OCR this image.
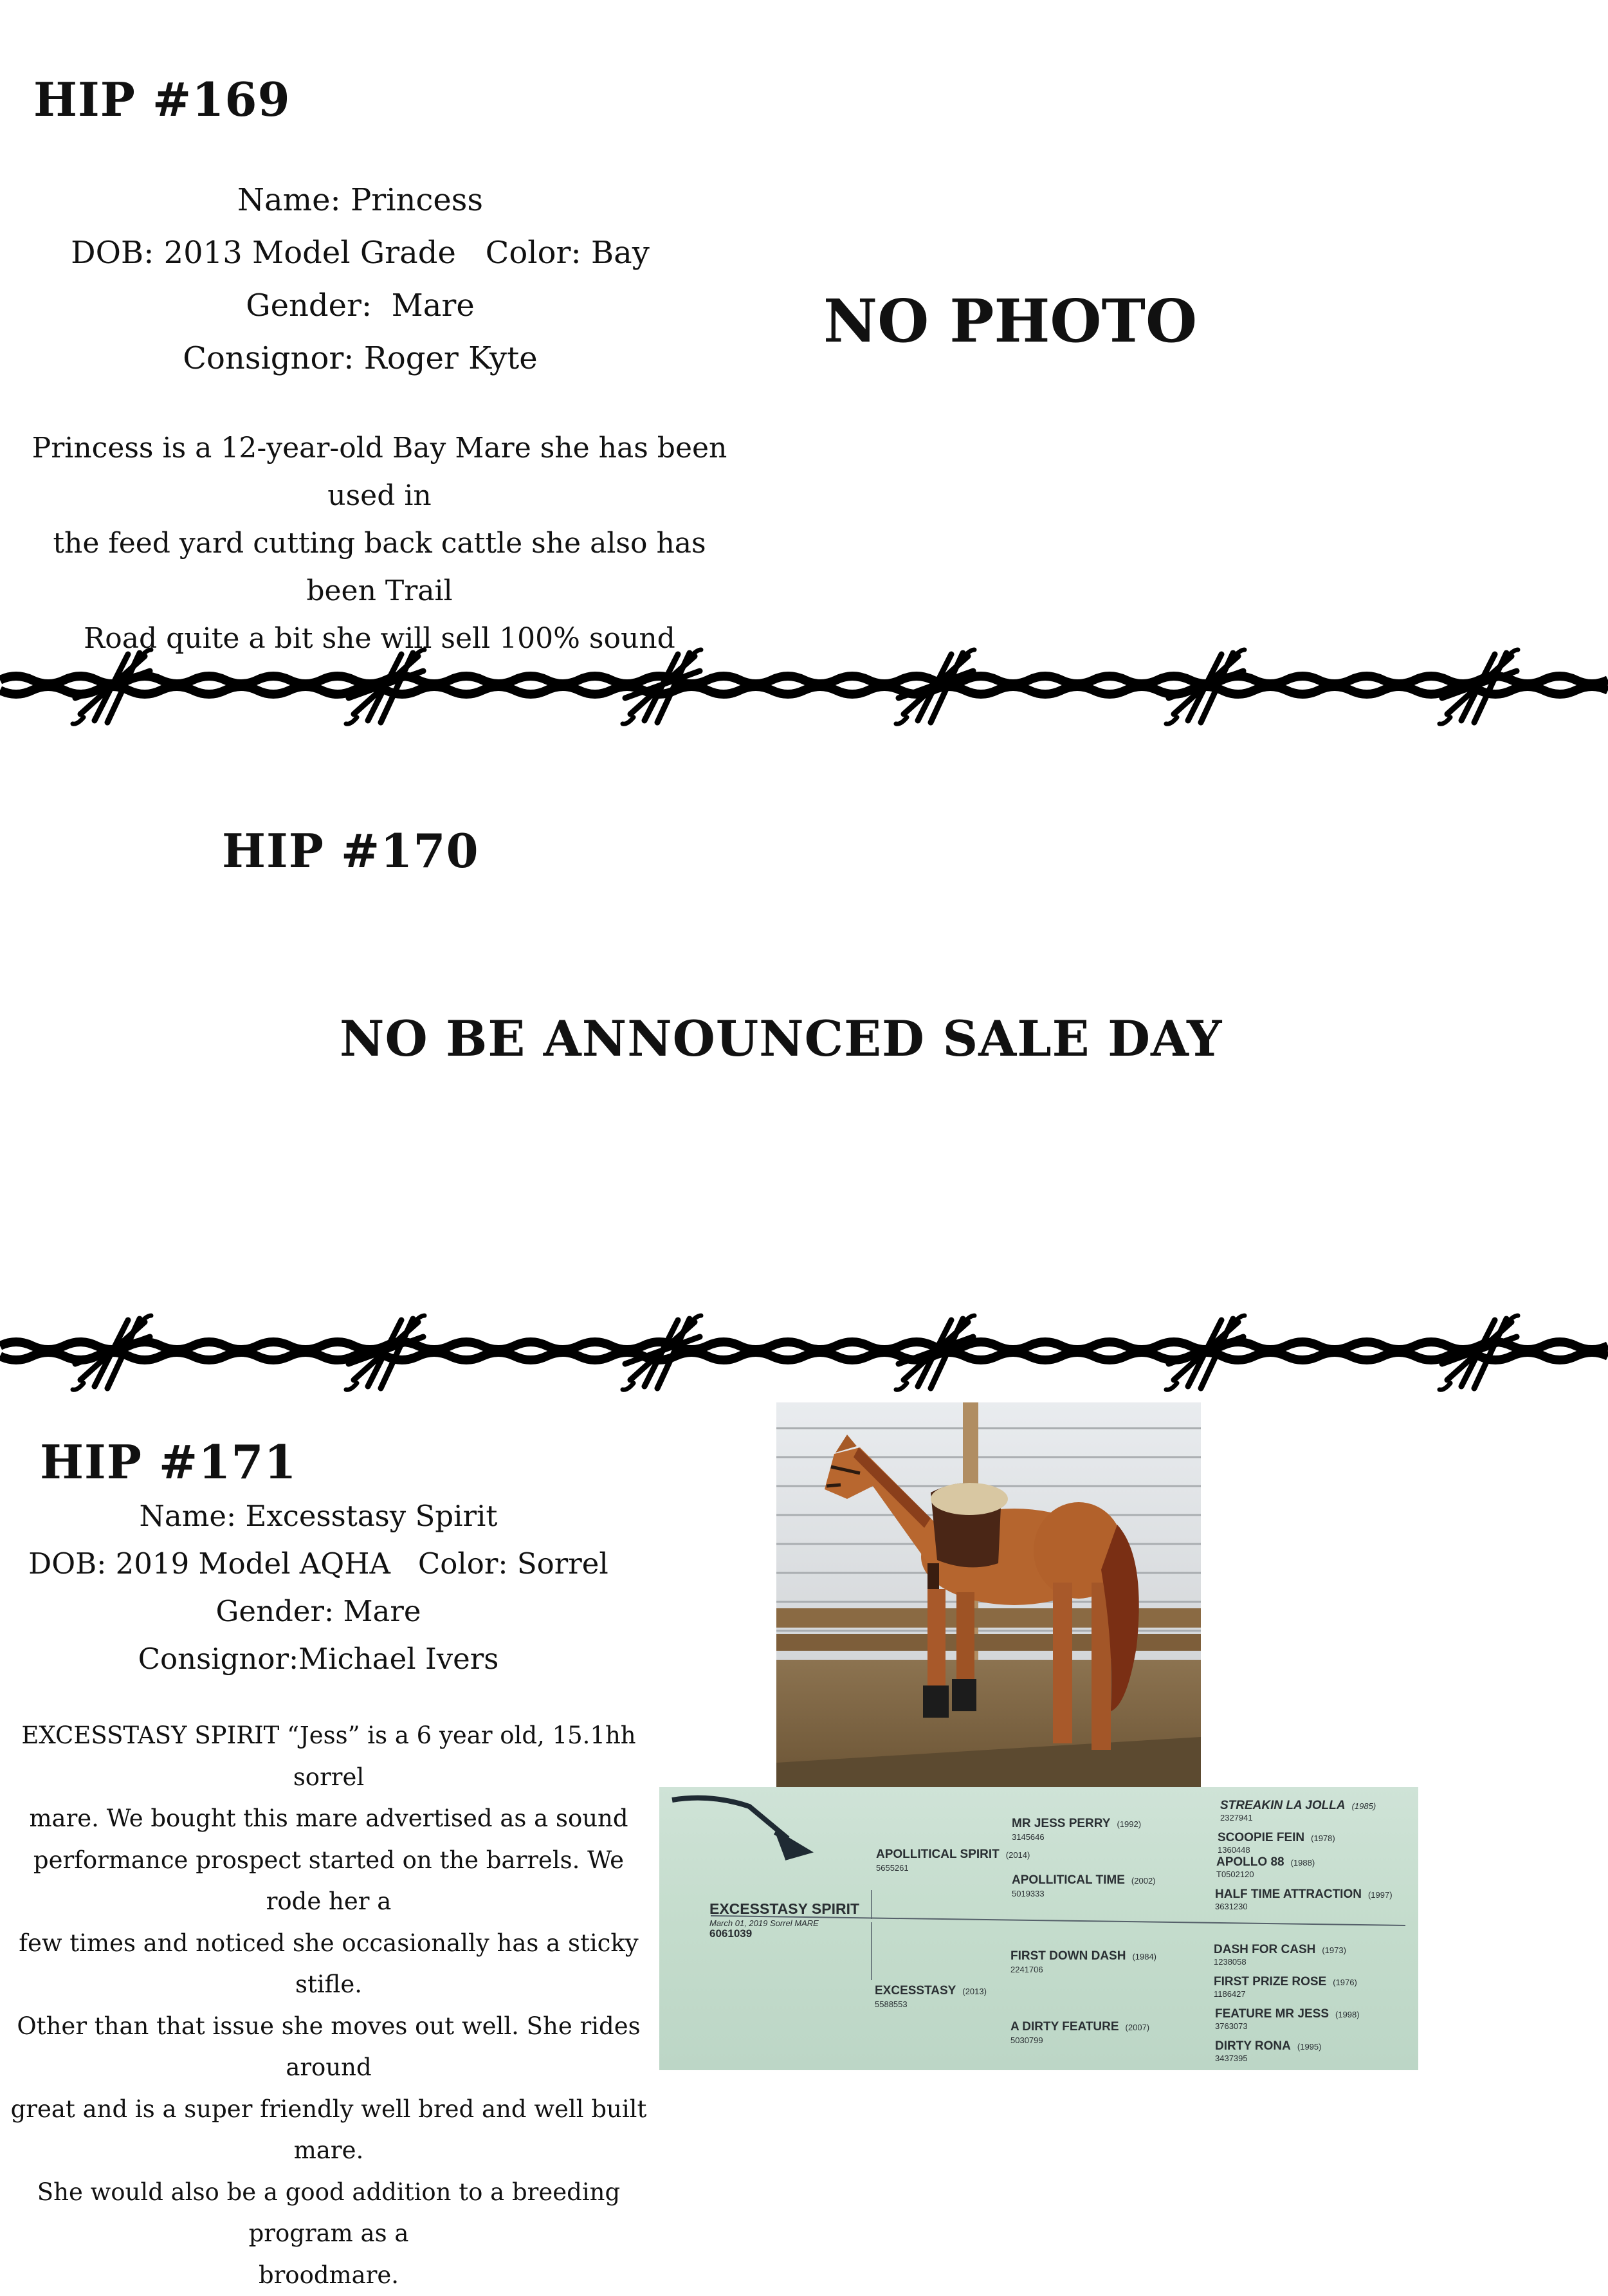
HIP #169
Name: Princess
DOB: 2013 Model Grade   Color: Bay
Gender:  Mare
Consignor: Roger Kyte
NO PHOTO
Princess is a 12-year-old Bay Mare she has been used in
the feed yard cutting back cattle she also has been Trail
Road quite a bit she will sell 100% sound
HIP #170
NO BE ANNOUNCED SALE DAY
HIP #171
Name: Excesstasy Spirit
DOB: 2019 Model AQHA   Color: Sorrel
Gender: Mare
Consignor:Michael Ivers
EXCESSTASY SPIRIT “Jess” is a 6 year old, 15.1hh sorrel
mare. We bought this mare advertised as a sound
performance prospect started on the barrels. We rode her a
few times and noticed she occasionally has a sticky stifle.
Other than that issue she moves out well. She rides around
great and is a super friendly well bred and well built mare.
She would also be a good addition to a breeding program as a
broodmare.
EXCESSTASY SPIRIT
March 01, 2019 Sorrel MARE
6061039
APOLLITICAL SPIRIT (2014)
5655261
EXCESSTASY (2013)
5588553
MR JESS PERRY (1992)
3145646
APOLLITICAL TIME (2002)
5019333
FIRST DOWN DASH (1984)
2241706
A DIRTY FEATURE (2007)
5030799
STREAKIN LA JOLLA (1985)
2327941
SCOOPIE FEIN (1978)
1360448
APOLLO 88 (1988)
T0502120
HALF TIME ATTRACTION (1997)
3631230
DASH FOR CASH (1973)
1238058
FIRST PRIZE ROSE (1976)
1186427
FEATURE MR JESS (1998)
3763073
DIRTY RONA (1995)
3437395
